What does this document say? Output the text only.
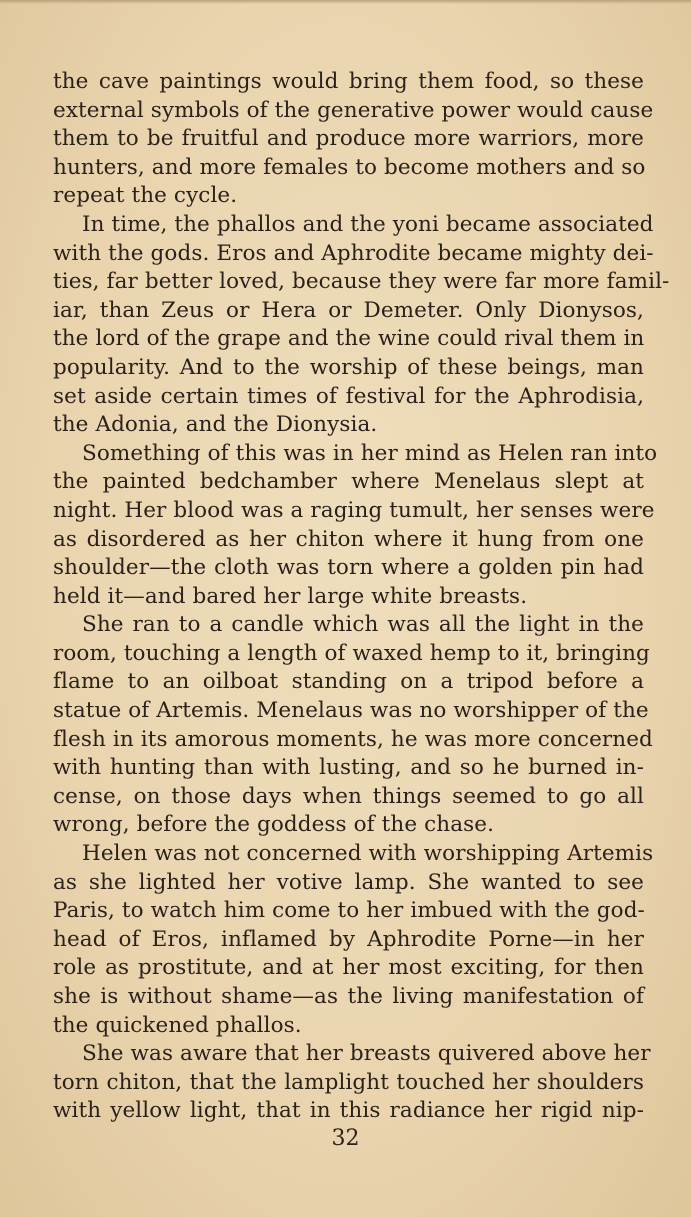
the cave paintings would bring them food, so these
external symbols of the generative power would cause
them to be fruitful and produce more warriors, more
hunters, and more females to become mothers and so
repeat the cycle.
In time, the phallos and the yoni became associated
with the gods. Eros and Aphrodite became mighty dei-
ties, far better loved, because they were far more famil-
iar, than Zeus or Hera or Demeter. Only Dionysos,
the lord of the grape and the wine could rival them in
popularity. And to the worship of these beings, man
set aside certain times of festival for the Aphrodisia,
the Adonia, and the Dionysia.
Something of this was in her mind as Helen ran into
the painted bedchamber where Menelaus slept at
night. Her blood was a raging tumult, her senses were
as disordered as her chiton where it hung from one
shoulder—the cloth was torn where a golden pin had
held it—and bared her large white breasts.
She ran to a candle which was all the light in the
room, touching a length of waxed hemp to it, bringing
flame to an oilboat standing on a tripod before a
statue of Artemis. Menelaus was no worshipper of the
flesh in its amorous moments, he was more concerned
with hunting than with lusting, and so he burned in-
cense, on those days when things seemed to go all
wrong, before the goddess of the chase.
Helen was not concerned with worshipping Artemis
as she lighted her votive lamp. She wanted to see
Paris, to watch him come to her imbued with the god-
head of Eros, inflamed by Aphrodite Porne—in her
role as prostitute, and at her most exciting, for then
she is without shame—as the living manifestation of
the quickened phallos.
She was aware that her breasts quivered above her
torn chiton, that the lamplight touched her shoulders
with yellow light, that in this radiance her rigid nip-
32
